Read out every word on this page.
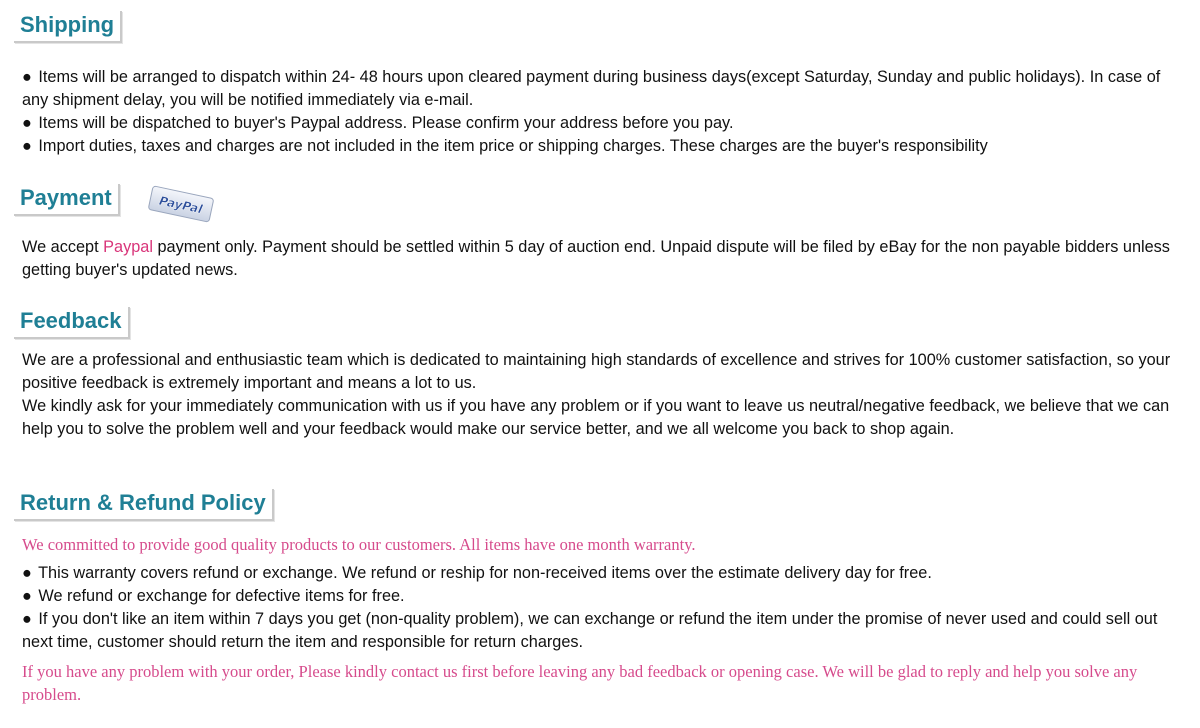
Shipping

● Items will be arranged to dispatch within 24- 48 hours upon cleared payment during business days(except Saturday, Sunday and public holidays). In case of any shipment delay, you will be notified immediately via e-mail.

● Items will be dispatched to buyer's Paypal address. Please confirm your address before you pay.

● Import duties, taxes and charges are not included in the item price or shipping charges. These charges are the buyer's responsibility

Payment	PayPal

We accept Paypal payment only. Payment should be settled within 5 day of auction end. Unpaid dispute will be filed by eBay for the non payable bidders unless getting buyer's updated news.

Feedback

We are a professional and enthusiastic team which is dedicated to maintaining high standards of excellence and strives for 100% customer satisfaction, so your positive feedback is extremely important and means a lot to us.

We kindly ask for your immediately communication with us if you have any problem or if you want to leave us neutral/negative feedback, we believe that we can help you to solve the problem well and your feedback would make our service better, and we all welcome you back to shop again.

Return & Refund Policy

We committed to provide good quality products to our customers. All items have one month warranty.

● This warranty covers refund or exchange. We refund or reship for non-received items over the estimate delivery day for free.

● We refund or exchange for defective items for free.

● If you don't like an item within 7 days you get (non-quality problem), we can exchange or refund the item under the promise of never used and could sell out next time, customer should return the item and responsible for return charges.

If you have any problem with your order, Please kindly contact us first before leaving any bad feedback or opening case. We will be glad to reply and help you solve any problem.
